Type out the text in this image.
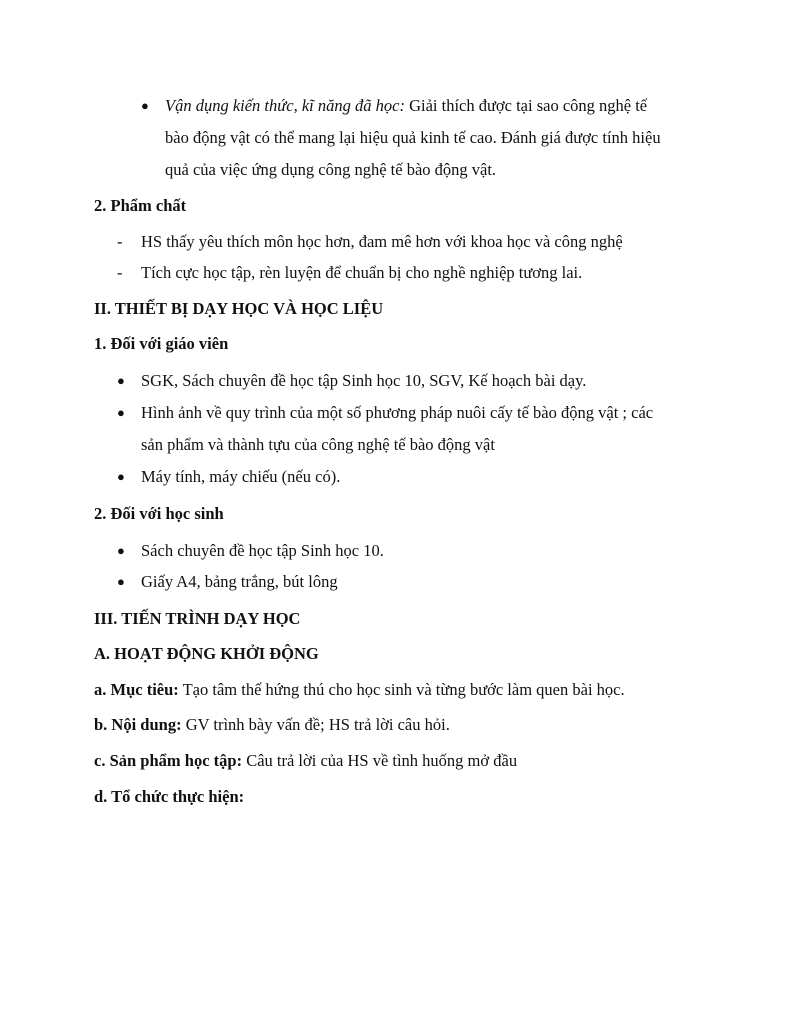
● Vận dụng kiến thức, kĩ năng đã học: Giải thích được tại sao công nghệ tế
bào động vật có thể mang lại hiệu quả kinh tế cao. Đánh giá được tính hiệu
quả của việc ứng dụng công nghệ tế bào động vật.
2. Phẩm chất
- HS thấy yêu thích môn học hơn, đam mê hơn với khoa học và công nghệ
- Tích cực học tập, rèn luyện để chuẩn bị cho nghề nghiệp tương lai.
II. THIẾT BỊ DẠY HỌC VÀ HỌC LIỆU
1. Đối với giáo viên
● SGK, Sách chuyên đề học tập Sinh học 10, SGV, Kế hoạch bài dạy.
● Hình ảnh về quy trình của một số phương pháp nuôi cấy tế bào động vật ; các
sản phẩm và thành tựu của công nghệ tế bào động vật
● Máy tính, máy chiếu (nếu có).
2. Đối với học sinh
● Sách chuyên đề học tập Sinh học 10.
● Giấy A4, bảng trắng, bút lông
III. TIẾN TRÌNH DẠY HỌC
A. HOẠT ĐỘNG KHỞI ĐỘNG
a. Mục tiêu: Tạo tâm thế hứng thú cho học sinh và từng bước làm quen bài học.
b. Nội dung: GV trình bày vấn đề; HS trả lời câu hỏi.
c. Sản phẩm học tập: Câu trả lời của HS về tình huống mở đầu
d. Tổ chức thực hiện:
